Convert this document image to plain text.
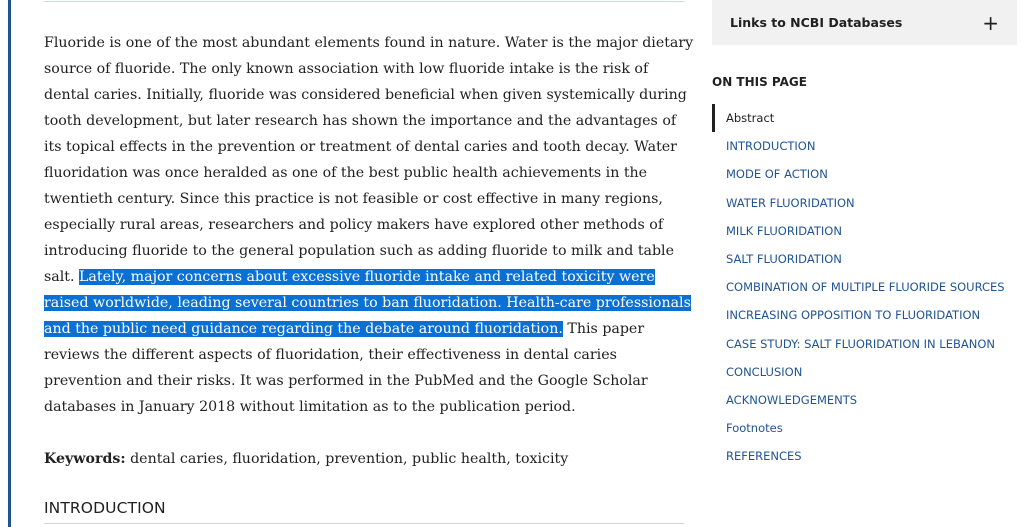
Fluoride is one of the most abundant elements found in nature. Water is the major dietary source of fluoride. The only known association with low fluoride intake is the risk of dental caries. Initially, fluoride was considered beneficial when given systemically during tooth development, but later research has shown the importance and the advantages of its topical effects in the prevention or treatment of dental caries and tooth decay. Water fluoridation was once heralded as one of the best public health achievements in the twentieth century. Since this practice is not feasible or cost effective in many regions, especially rural areas, researchers and policy makers have explored other methods of introducing fluoride to the general population such as adding fluoride to milk and table salt. Lately, major concerns about excessive fluoride intake and related toxicity were raised worldwide, leading several countries to ban fluoridation. Health-care professionals and the public need guidance regarding the debate around fluoridation. This paper reviews the different aspects of fluoridation, their effectiveness in dental caries prevention and their risks. It was performed in the PubMed and the Google Scholar databases in January 2018 without limitation as to the publication period.

Keywords: dental caries, fluoridation, prevention, public health, toxicity
INTRODUCTION
Links to NCBI Databases	+
ON THIS PAGE
Abstract
INTRODUCTION
MODE OF ACTION
WATER FLUORIDATION
MILK FLUORIDATION
SALT FLUORIDATION
COMBINATION OF MULTIPLE FLUORIDE SOURCES
INCREASING OPPOSITION TO FLUORIDATION
CASE STUDY: SALT FLUORIDATION IN LEBANON
CONCLUSION
ACKNOWLEDGEMENTS
Footnotes
REFERENCES
